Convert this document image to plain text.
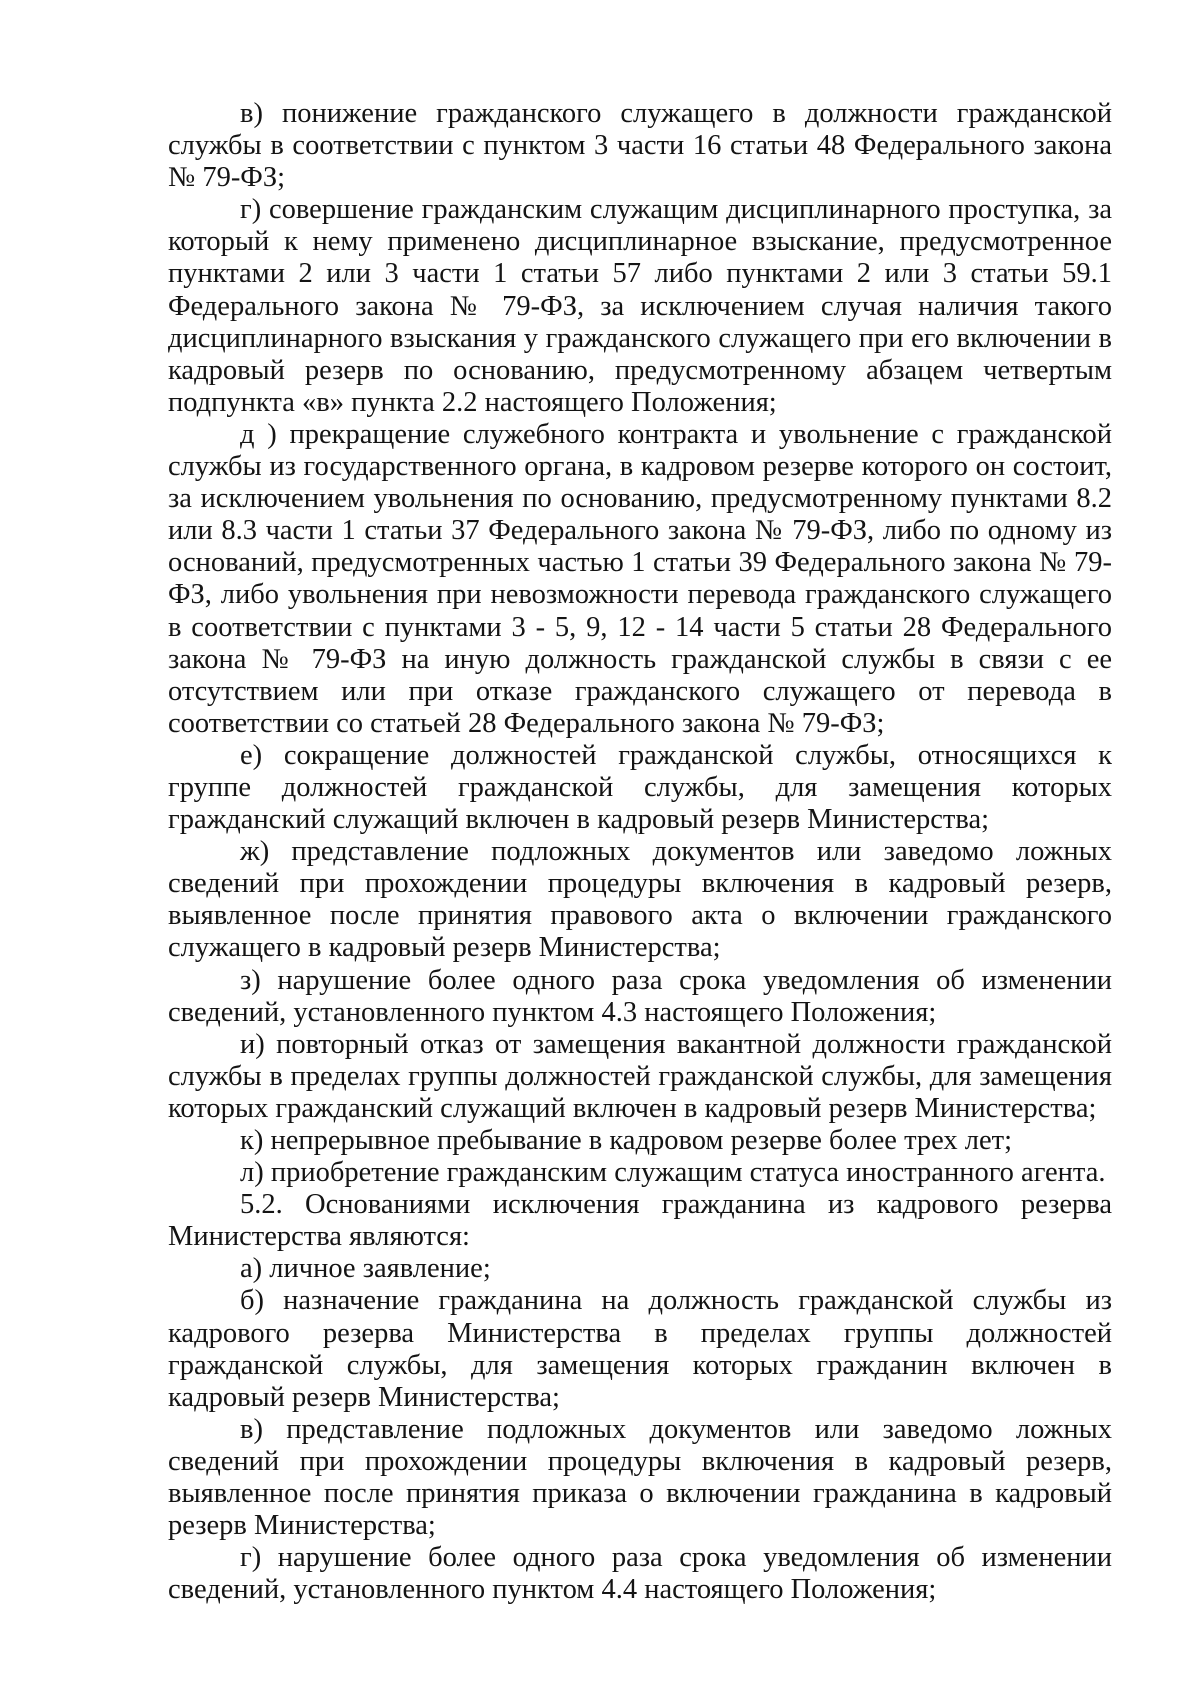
в) понижение гражданского служащего в должности гражданской службы в соответствии с пунктом 3 части 16 статьи 48 Федерального закона № 79-ФЗ;

г) совершение гражданским служащим дисциплинарного проступка, за который к нему применено дисциплинарное взыскание, предусмотренное пунктами 2 или 3 части 1 статьи 57 либо пунктами 2 или 3 статьи 59.1 Федерального закона № 79-ФЗ, за исключением случая наличия такого дисциплинарного взыскания у гражданского служащего при его включении в кадровый резерв по основанию, предусмотренному абзацем четвертым подпункта «в» пункта 2.2 настоящего Положения;

д ) прекращение служебного контракта и увольнение с гражданской службы из государственного органа, в кадровом резерве которого он состоит, за исключением увольнения по основанию, предусмотренному пунктами 8.2 или 8.3 части 1 статьи 37 Федерального закона № 79-ФЗ, либо по одному из оснований, предусмотренных частью 1 статьи 39 Федерального закона № 79-ФЗ, либо увольнения при невозможности перевода гражданского служащего в соответствии с пунктами 3 - 5, 9, 12 - 14 части 5 статьи 28 Федерального закона № 79-ФЗ на иную должность гражданской службы в связи с ее отсутствием или при отказе гражданского служащего от перевода в соответствии со статьей 28 Федерального закона № 79-ФЗ;

е) сокращение должностей гражданской службы, относящихся к группе должностей гражданской службы, для замещения которых гражданский служащий включен в кадровый резерв Министерства;

ж) представление подложных документов или заведомо ложных сведений при прохождении процедуры включения в кадровый резерв, выявленное после принятия правового акта о включении гражданского служащего в кадровый резерв Министерства;

з) нарушение более одного раза срока уведомления об изменении сведений, установленного пунктом 4.3 настоящего Положения;

и) повторный отказ от замещения вакантной должности гражданской службы в пределах группы должностей гражданской службы, для замещения которых гражданский служащий включен в кадровый резерв Министерства;

к) непрерывное пребывание в кадровом резерве более трех лет;

л) приобретение гражданским служащим статуса иностранного агента.

5.2. Основаниями исключения гражданина из кадрового резерва Министерства являются:

а) личное заявление;

б) назначение гражданина на должность гражданской службы из кадрового резерва Министерства в пределах группы должностей гражданской службы, для замещения которых гражданин включен в кадровый резерв Министерства;

в) представление подложных документов или заведомо ложных сведений при прохождении процедуры включения в кадровый резерв, выявленное после принятия приказа о включении гражданина в кадровый резерв Министерства;

г) нарушение более одного раза срока уведомления об изменении сведений, установленного пунктом 4.4 настоящего Положения;
